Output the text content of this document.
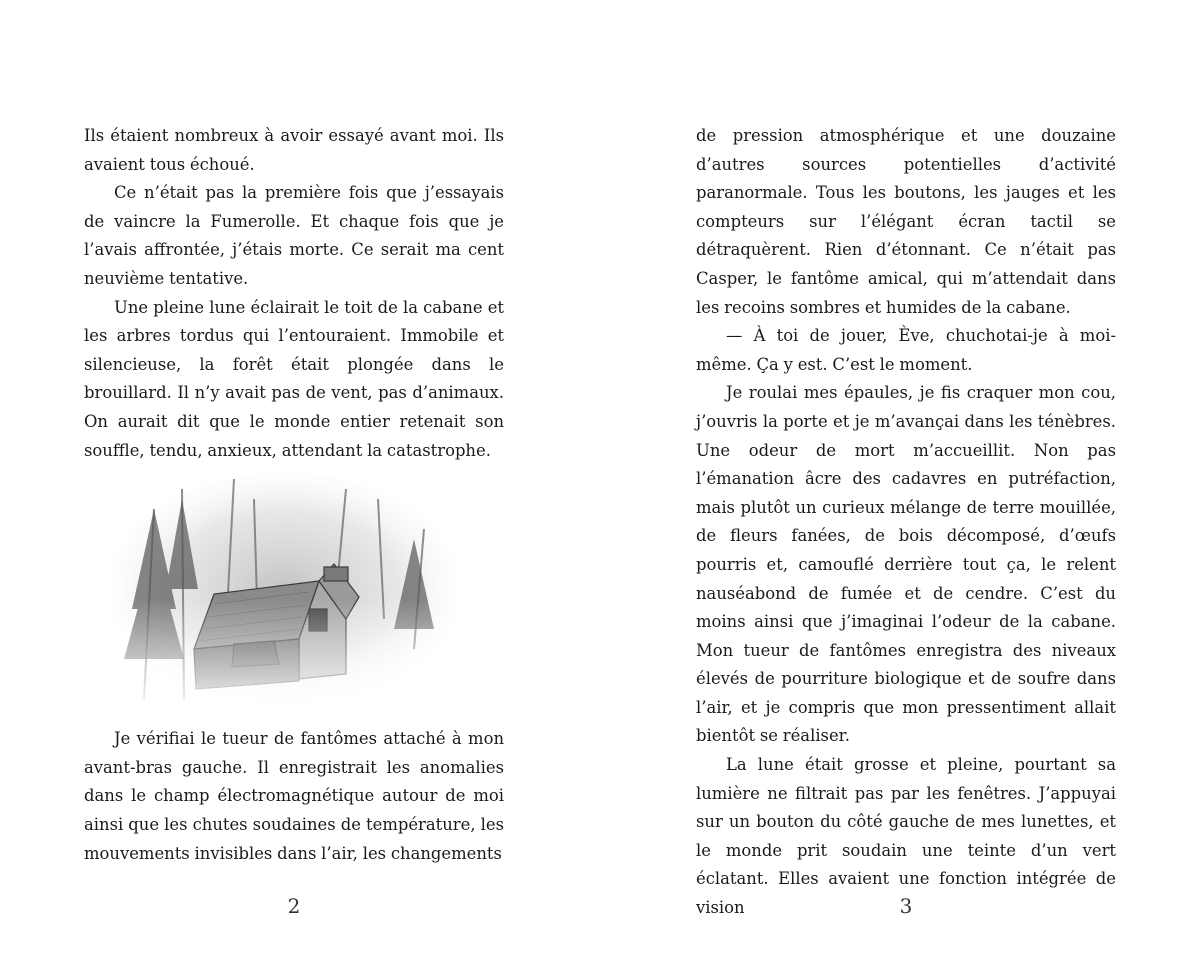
Ils étaient nombreux à avoir essayé avant moi. Ils avaient tous échoué.

Ce n’était pas la première fois que j’essayais de vaincre la Fumerolle. Et chaque fois que je l’avais affrontée, j’étais morte. Ce serait ma cent neuvième tentative.

Une pleine lune éclairait le toit de la cabane et les arbres tordus qui l’entouraient. Immobile et silencieuse, la forêt était plongée dans le brouillard. Il n’y avait pas de vent, pas d’animaux. On aurait dit que le monde entier retenait son souffle, tendu, anxieux, attendant la catastrophe.

Je vérifiai le tueur de fantômes attaché à mon avant-bras gauche. Il enregistrait les anomalies dans le champ électromagnétique autour de moi ainsi que les chutes soudaines de température, les mouvements invisibles dans l’air, les changements

de pression atmosphérique et une douzaine d’autres sources potentielles d’activité paranormale. Tous les boutons, les jauges et les compteurs sur l’élégant écran tactil se détraquèrent. Rien d’étonnant. Ce n’était pas Casper, le fantôme amical, qui m’attendait dans les recoins sombres et humides de la cabane.

— À toi de jouer, Ève, chuchotai-je à moi-même. Ça y est. C’est le moment.

Je roulai mes épaules, je fis craquer mon cou, j’ouvris la porte et je m’avançai dans les ténèbres. Une odeur de mort m’accueillit. Non pas l’émanation âcre des cadavres en putréfaction, mais plutôt un curieux mélange de terre mouillée, de fleurs fanées, de bois décomposé, d’œufs pourris et, camouflé derrière tout ça, le relent nauséabond de fumée et de cendre. C’est du moins ainsi que j’imaginai l’odeur de la cabane. Mon tueur de fantômes enregistra des niveaux élevés de pourriture biologique et de soufre dans l’air, et je compris que mon pressentiment allait bientôt se réaliser.

La lune était grosse et pleine, pourtant sa lumière ne filtrait pas par les fenêtres. J’appuyai sur un bouton du côté gauche de mes lunettes, et le monde prit soudain une teinte d’un vert éclatant. Elles avaient une fonction intégrée de vision

2	3
